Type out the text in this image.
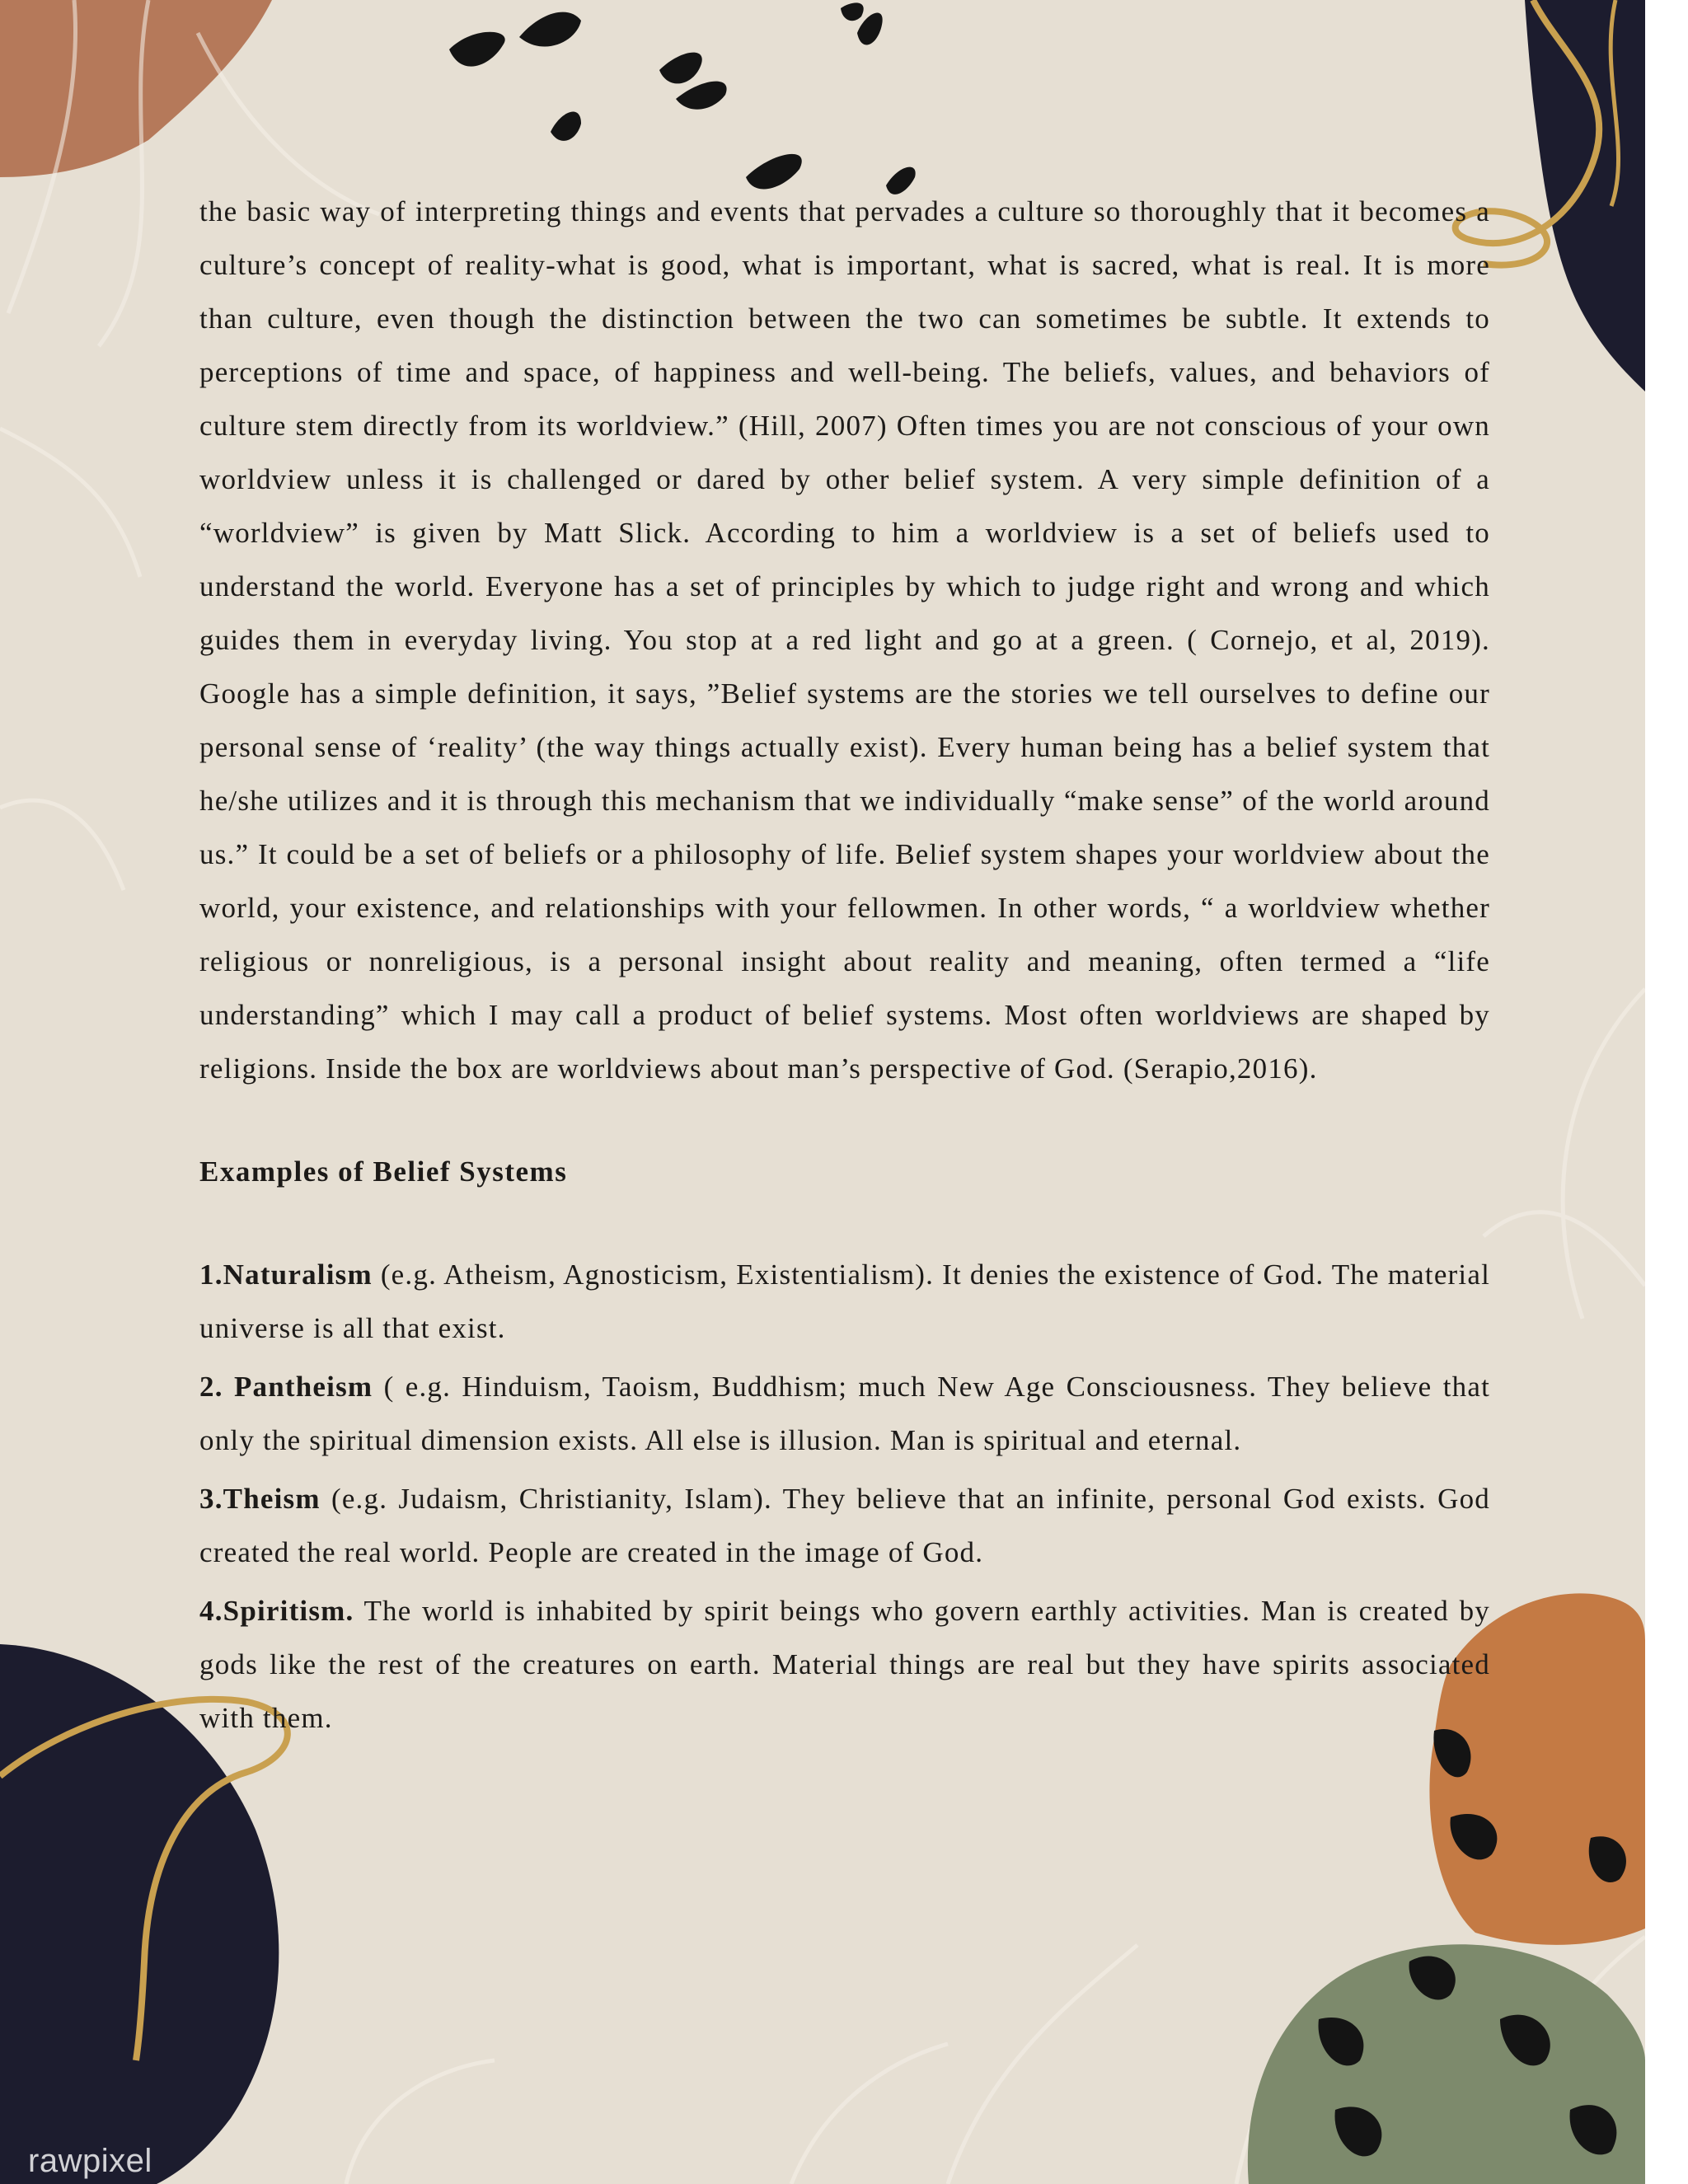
the basic way of interpreting things and events that pervades a culture so thoroughly that it becomes a culture’s concept of reality-what is good, what is important, what is sacred, what is real. It is more than culture, even though the distinction between the two can sometimes be subtle. It extends to perceptions of time and space, of happiness and well-being. The beliefs, values, and behaviors of culture stem directly from its worldview.” (Hill, 2007) Often times you are not conscious of your own worldview unless it is challenged or dared by other belief system. A very simple definition of a “worldview” is given by Matt Slick. According to him a worldview is a set of beliefs used to understand the world. Everyone has a set of principles by which to judge right and wrong and which guides them in everyday living. You stop at a red light and go at a green. ( Cornejo, et al, 2019). Google has a simple definition, it says, ”Belief systems are the stories we tell ourselves to define our personal sense of ‘reality’ (the way things actually exist). Every human being has a belief system that he/she utilizes and it is through this mechanism that we individually “make sense” of the world around us.” It could be a set of beliefs or a philosophy of life. Belief system shapes your worldview about the world, your existence, and relationships with your fellowmen. In other words, “ a worldview whether religious or nonreligious, is a personal insight about reality and meaning, often termed a “life understanding” which I may call a product of belief systems. Most often worldviews are shaped by religions. Inside the box are worldviews about man’s perspective of God. (Serapio,2016).

Examples of Belief Systems

1.Naturalism (e.g. Atheism, Agnosticism, Existentialism). It denies the existence of God. The material universe is all that exist.

2. Pantheism ( e.g. Hinduism, Taoism, Buddhism; much New Age Consciousness. They believe that only the spiritual dimension exists. All else is illusion. Man is spiritual and eternal.

3.Theism (e.g. Judaism, Christianity, Islam). They believe that an infinite, personal God exists. God created the real world. People are created in the image of God.

4.Spiritism. The world is inhabited by spirit beings who govern earthly activities. Man is created by gods like the rest of the creatures on earth. Material things are real but they have spirits associated with them.

rawpixel
